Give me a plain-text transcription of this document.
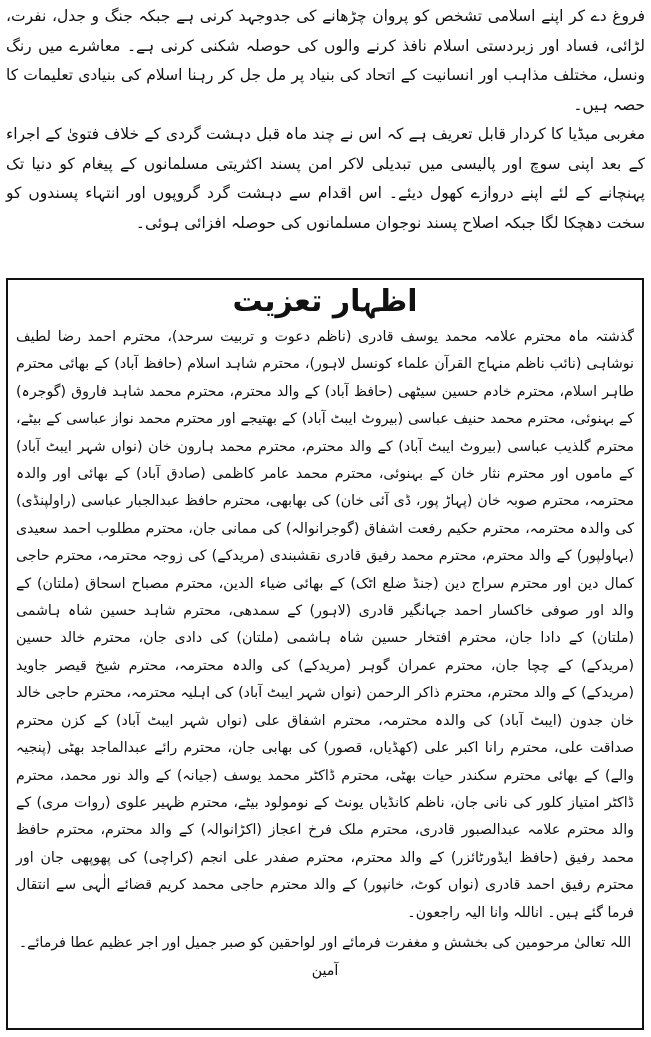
فروغ دے کر اپنے اسلامی تشخص کو پروان چڑھانے کی جدوجہد کرنی ہے جبکہ جنگ و جدل، نفرت، لڑائی، فساد اور زبردستی اسلام نافذ کرنے والوں کی حوصلہ شکنی کرنی ہے۔ معاشرے میں رنگ ونسل، مختلف مذاہب اور انسانیت کے اتحاد کی بنیاد پر مل جل کر رہنا اسلام کی بنیادی تعلیمات کا حصہ ہیں۔

مغربی میڈیا کا کردار قابل تعریف ہے کہ اس نے چند ماہ قبل دہشت گردی کے خلاف فتویٰ کے اجراء کے بعد اپنی سوچ اور پالیسی میں تبدیلی لاکر امن پسند اکثریتی مسلمانوں کے پیغام کو دنیا تک پہنچانے کے لئے اپنے دروازے کھول دیئے۔ اس اقدام سے دہشت گرد گروپوں اور انتہاء پسندوں کو سخت دھچکا لگا جبکہ اصلاح پسند نوجوان مسلمانوں کی حوصلہ افزائی ہوئی۔

اظہار تعزیت

گذشتہ ماہ محترم علامہ محمد یوسف قادری (ناظم دعوت و تربیت سرحد)، محترم احمد رضا لطیف نوشاہی (نائب ناظم منہاج القرآن علماء کونسل لاہور)، محترم شاہد اسلام (حافظ آباد) کے بھائی محترم طاہر اسلام، محترم خادم حسین سیٹھی (حافظ آباد) کے والد محترم، محترم محمد شاہد فاروق (گوجرہ) کے بہنوئی، محترم محمد حنیف عباسی (بیروٹ ایبٹ آباد) کے بھتیجے اور محترم محمد نواز عباسی کے بیٹے، محترم گلذیب عباسی (بیروٹ ایبٹ آباد) کے والد محترم، محترم محمد ہارون خان (نواں شہر ایبٹ آباد) کے ماموں اور محترم نثار خان کے بہنوئی، محترم محمد عامر کاظمی (صادق آباد) کے بھائی اور والدہ محترمہ، محترم صوبہ خان (پہاڑ پور، ڈی آئی خان) کی بھابھی، محترم حافظ عبدالجبار عباسی (راولپنڈی) کی والدہ محترمہ، محترم حکیم رفعت اشفاق (گوجرانوالہ) کی ممانی جان، محترم مطلوب احمد سعیدی (بہاولپور) کے والد محترم، محترم محمد رفیق قادری نقشبندی (مریدکے) کی زوجہ محترمہ، محترم حاجی کمال دین اور محترم سراج دین (جنڈ ضلع اٹک) کے بھائی ضیاء الدین، محترم مصباح اسحاق (ملتان) کے والد اور صوفی خاکسار احمد جہانگیر قادری (لاہور) کے سمدھی، محترم شاہد حسین شاہ ہاشمی (ملتان) کے دادا جان، محترم افتخار حسین شاہ ہاشمی (ملتان) کی دادی جان، محترم خالد حسین (مریدکے) کے چچا جان، محترم عمران گوہر (مریدکے) کی والدہ محترمہ، محترم شیخ قیصر جاوید (مریدکے) کے والد محترم، محترم ذاکر الرحمن (نواں شہر ایبٹ آباد) کی اہلیہ محترمہ، محترم حاجی خالد خان جدون (ایبٹ آباد) کی والدہ محترمہ، محترم اشفاق علی (نواں شہر ایبٹ آباد) کے کزن محترم صداقت علی، محترم رانا اکبر علی (کھڈیاں، قصور) کی بھابی جان، محترم رائے عبدالماجد بھٹی (پنجیہ والے) کے بھائی محترم سکندر حیات بھٹی، محترم ڈاکٹر محمد یوسف (جیانہ) کے والد نور محمد، محترم ڈاکٹر امتیاز کلور کی نانی جان، ناظم کانڈیاں یونٹ کے نومولود بیٹے، محترم ظہیر علوی (روات مری) کے والد محترم علامہ عبدالصبور قادری، محترم ملک فرخ اعجاز (اکڑانوالہ) کے والد محترم، محترم حافظ محمد رفیق (حافظ ایڈورٹائزر) کے والد محترم، محترم صفدر علی انجم (کراچی) کی پھوپھی جان اور محترم رفیق احمد قادری (نواں کوٹ، خانپور) کے والد محترم حاجی محمد کریم قضائے الٰہی سے انتقال فرما گئے ہیں۔ اناللہ وانا الیہ راجعون۔

اللہ تعالیٰ مرحومین کی بخشش و مغفرت فرمائے اور لواحقین کو صبر جمیل اور اجر عظیم عطا فرمائے۔ آمین
